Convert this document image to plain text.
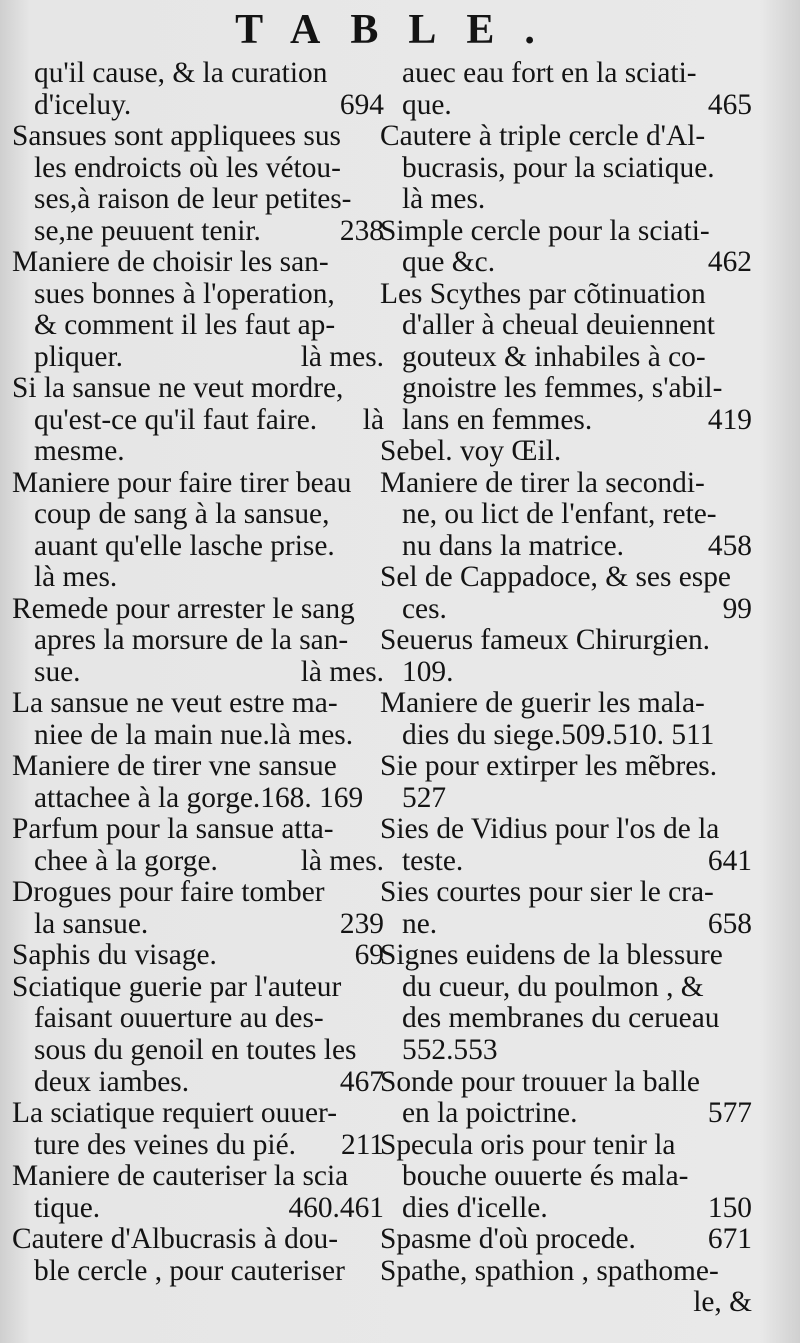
TABLE.
qu'il cause, & la curation
d'iceluy.	694
Sansues sont appliquees sus
les endroicts où les vétou-
ses,à raison de leur petites-
se,ne peuuent tenir.	238
Maniere de choisir les san-
sues bonnes à l'operation,
& comment il les faut ap-
pliquer.	là mes.
Si la sansue ne veut mordre,
qu'est-ce qu'il faut faire. là
mesme.
Maniere pour faire tirer beau
coup de sang à la sansue,
auant qu'elle lasche prise.
là mes.
Remede pour arrester le sang
apres la morsure de la san-
sue.	là mes.
La sansue ne veut estre ma-
niee de la main nue.là mes.
Maniere de tirer vne sansue
attachee à la gorge.168. 169
Parfum pour la sansue atta-
chee à la gorge.	là mes.
Drogues pour faire tomber
la sansue.	239
Saphis du visage.	69
Sciatique guerie par l'auteur
faisant ouuerture au des-
sous du genoil en toutes les
deux iambes.	467
La sciatique requiert ouuer-
ture des veines du pié. 211
Maniere de cauteriser la scia
tique.	460.461
Cautere d'Albucrasis à dou-
ble cercle , pour cauteriser
auec eau fort en la sciati-
que.	465
Cautere à triple cercle d'Al-
bucrasis, pour la sciatique.
là mes.
Simple cercle pour la sciati-
que &c.	462
Les Scythes par cõtinuation
d'aller à cheual deuiennent
gouteux & inhabiles à co-
gnoistre les femmes, s'abil-
lans en femmes.	419
Sebel. voy Œil.
Maniere de tirer la secondi-
ne, ou lict de l'enfant, rete-
nu dans la matrice.	458
Sel de Cappadoce, & ses espe
ces.	99
Seuerus fameux Chirurgien.
109.
Maniere de guerir les mala-
dies du siege.509.510. 511
Sie pour extirper les mẽbres.
527
Sies de Vidius pour l'os de la
teste.	641
Sies courtes pour sier le cra-
ne.	658
Signes euidens de la blessure
du cueur, du poulmon , &
des membranes du cerueau
552.553
Sonde pour trouuer la balle
en la poictrine.	577
Specula oris pour tenir la
bouche ouuerte és mala-
dies d'icelle.	150
Spasme d'où procede. 671
Spathe, spathion , spathome-
le, &
